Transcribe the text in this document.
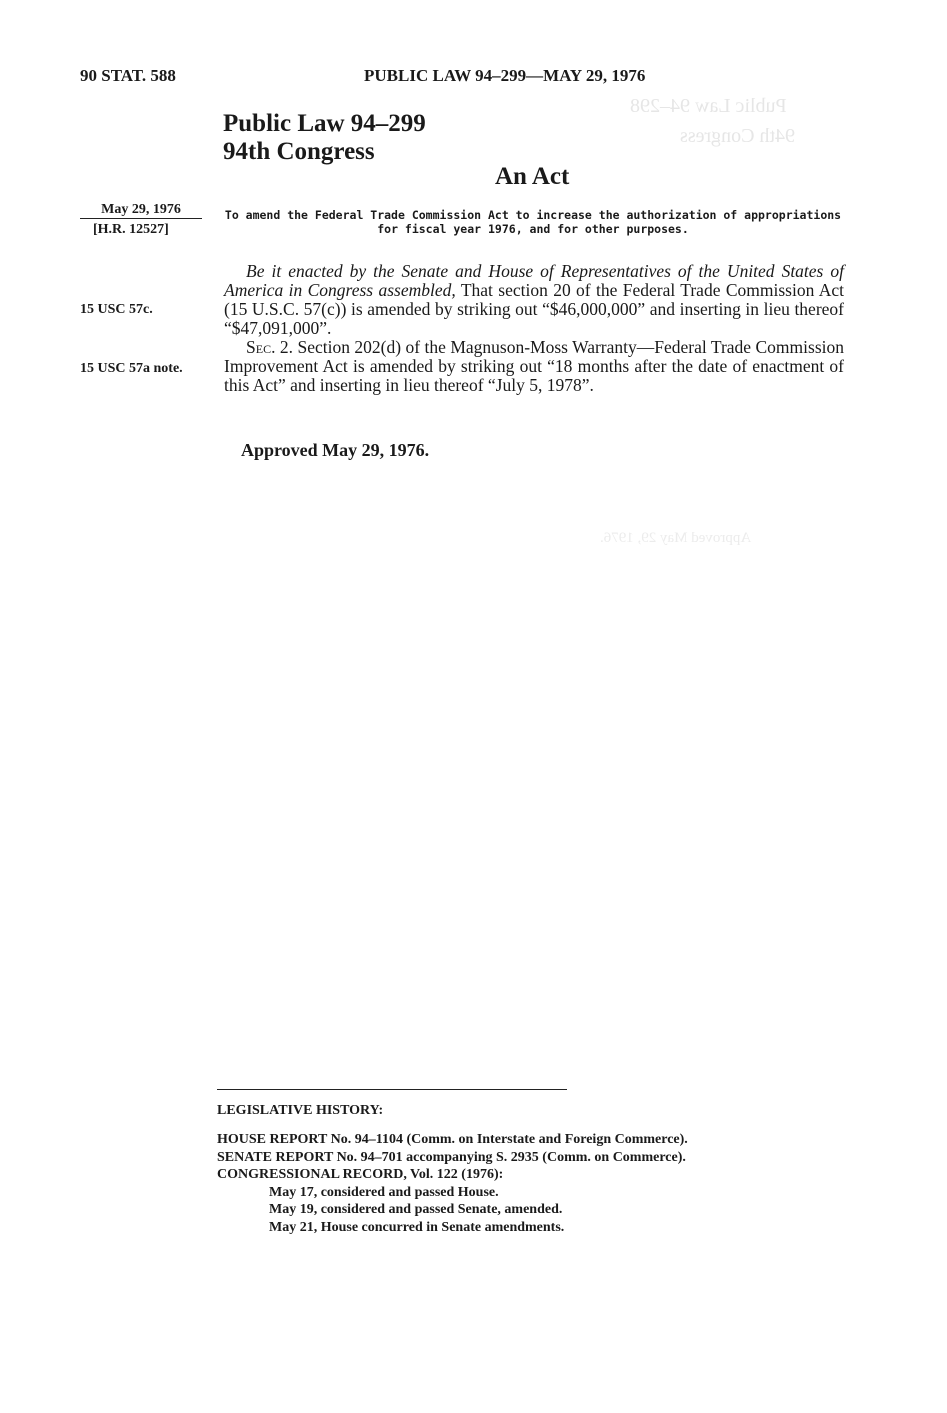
Public Law 94–298
94th Congress
Approved May 29, 1976.
90 STAT. 588	PUBLIC LAW 94–299—MAY 29, 1976
Public Law 94–299
94th Congress
An Act
May 29, 1976
[H.R. 12527]
15 USC 57c.
15 USC 57a note.
To amend the Federal Trade Commission Act to increase the authorization of appropriations for fiscal year 1976, and for other purposes.

Be it enacted by the Senate and House of Representatives of the United States of America in Congress assembled, That section 20 of the Federal Trade Commission Act (15 U.S.C. 57(c)) is amended by striking out “$46,000,000” and inserting in lieu thereof “$47,091,000”.

Sec. 2. Section 202(d) of the Magnuson-Moss Warranty—Federal Trade Commission Improvement Act is amended by striking out “18 months after the date of enactment of this Act” and inserting in lieu thereof “July 5, 1978”.

Approved May 29, 1976.
LEGISLATIVE HISTORY:
HOUSE REPORT No. 94–1104 (Comm. on Interstate and Foreign Commerce).
SENATE REPORT No. 94–701 accompanying S. 2935 (Comm. on Commerce).
CONGRESSIONAL RECORD, Vol. 122 (1976):
May 17, considered and passed House.
May 19, considered and passed Senate, amended.
May 21, House concurred in Senate amendments.
